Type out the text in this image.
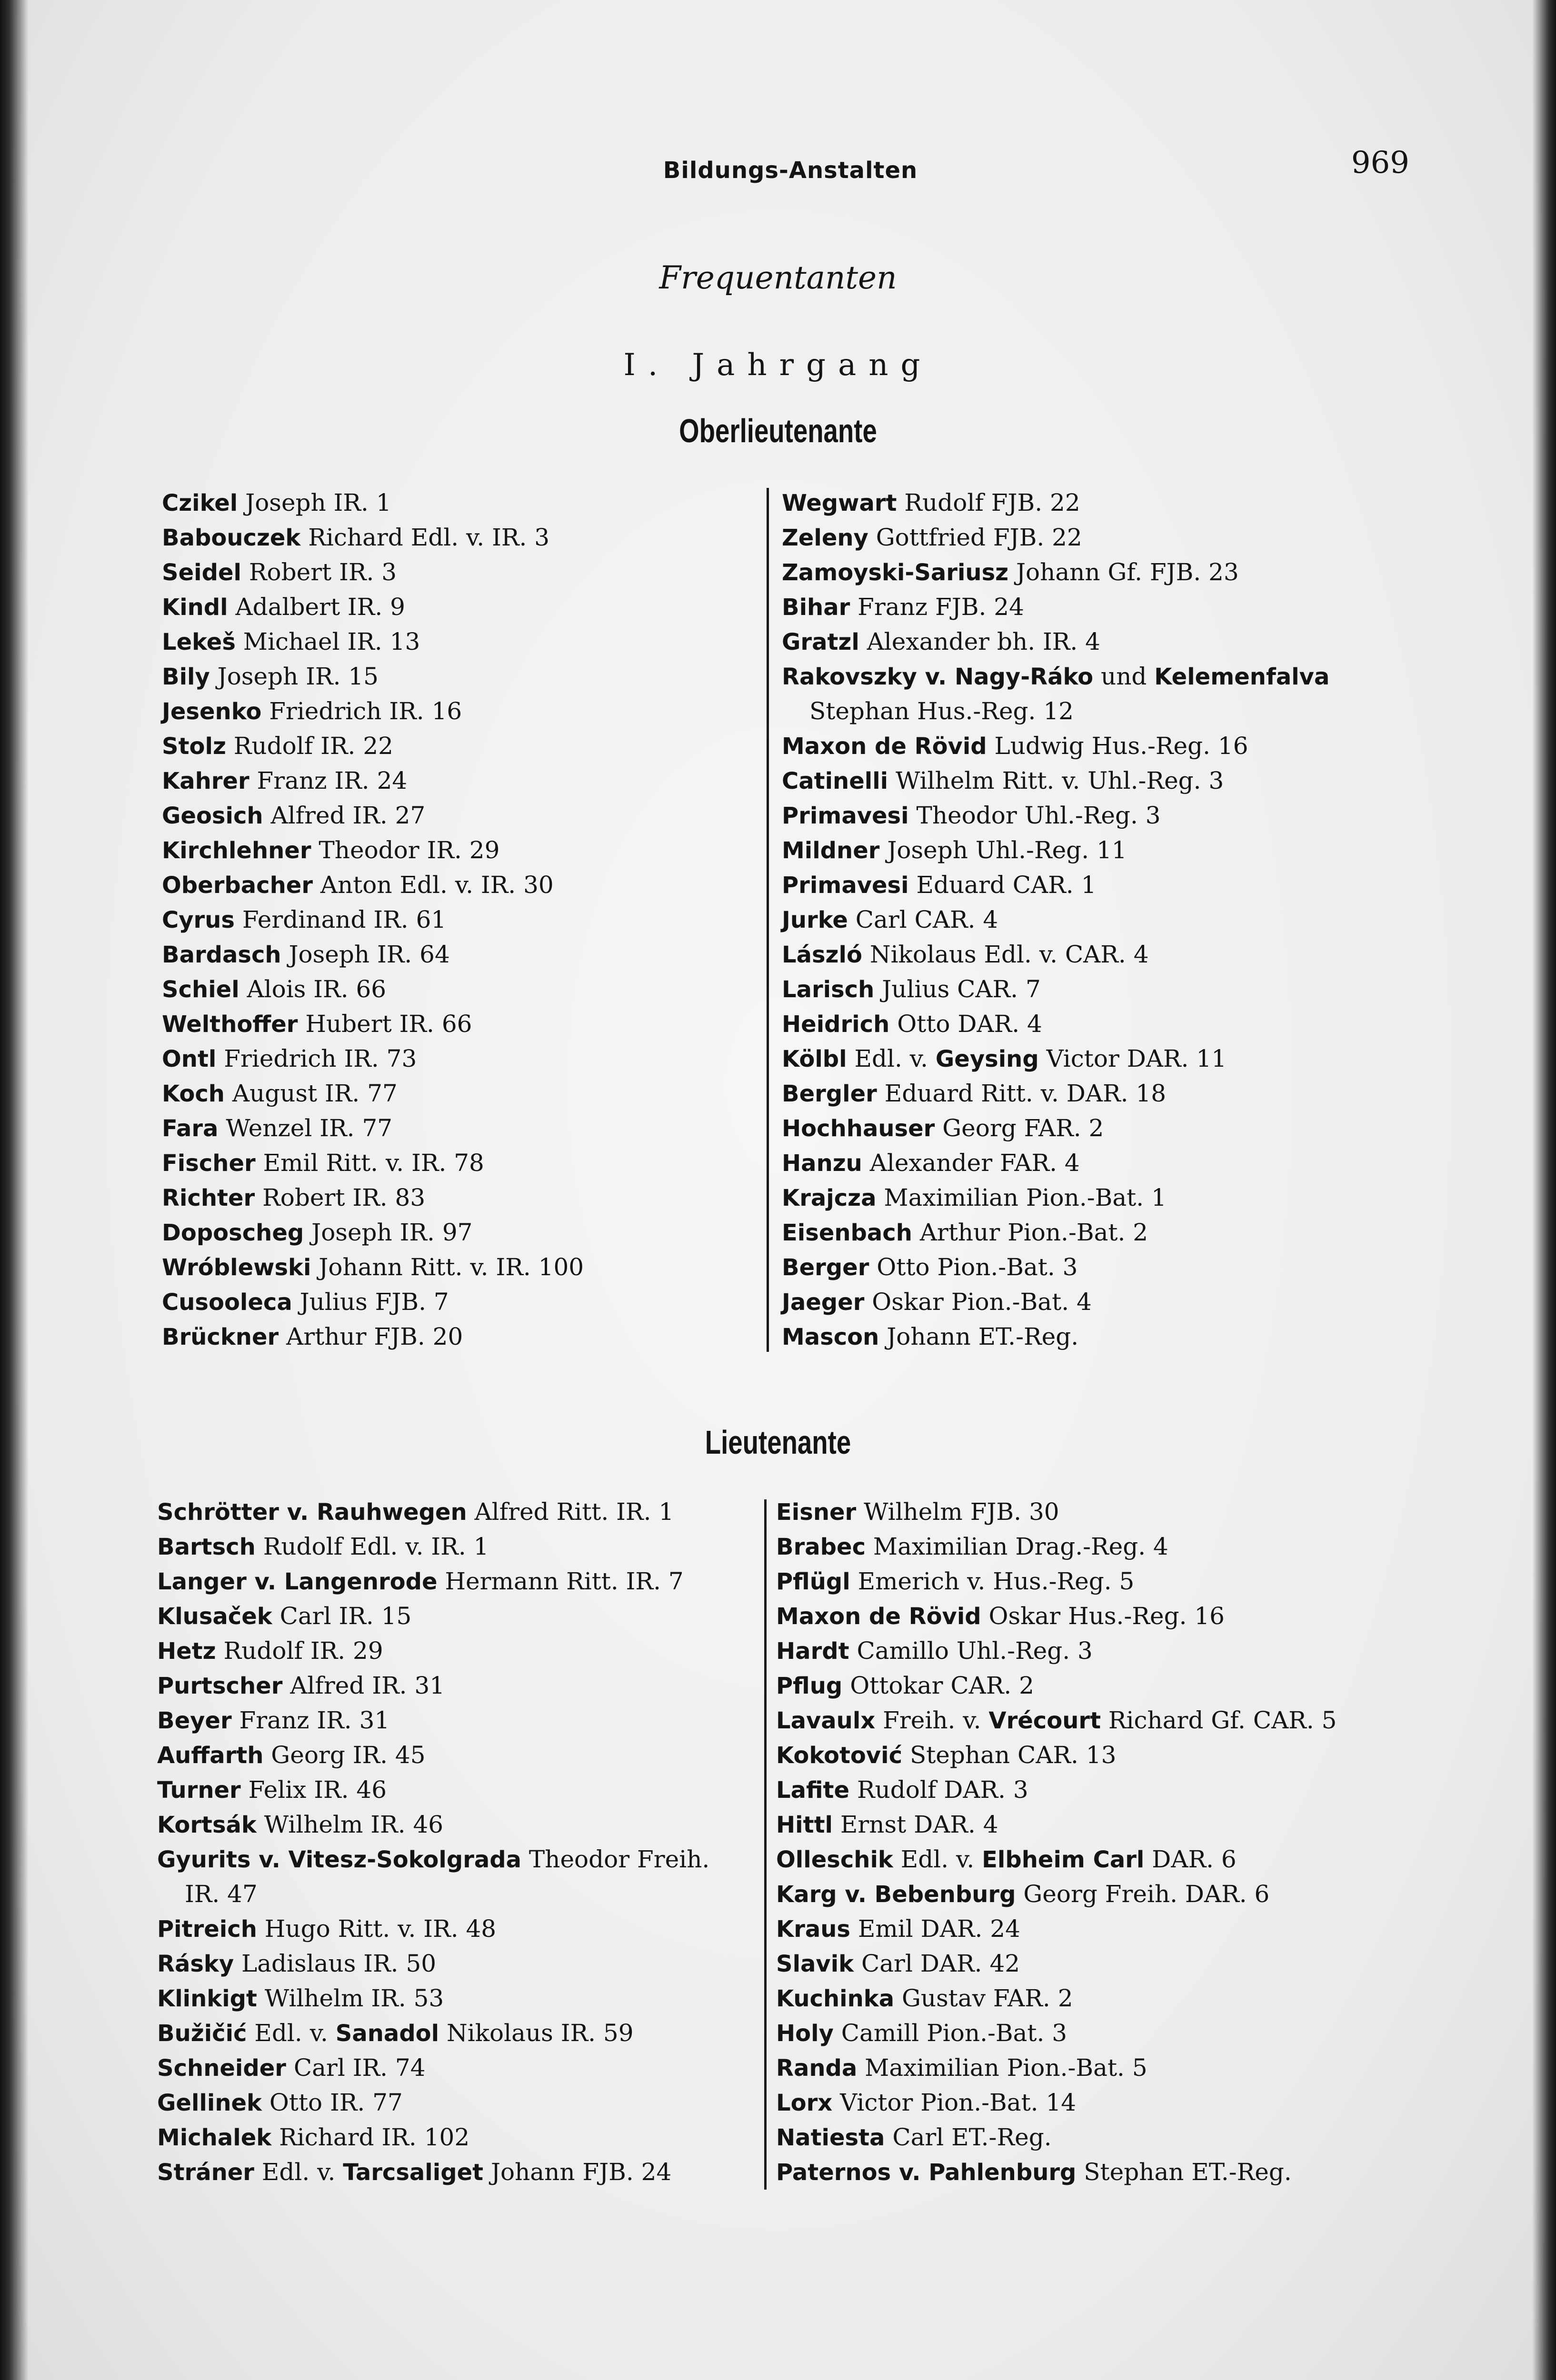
Bildungs-Anstalten	969
Frequentanten
I. Jahrgang
Oberlieutenante
Czikel Joseph IR. 1
Babouczek Richard Edl. v. IR. 3
Seidel Robert IR. 3
Kindl Adalbert IR. 9
Lekeš Michael IR. 13
Bily Joseph IR. 15
Jesenko Friedrich IR. 16
Stolz Rudolf IR. 22
Kahrer Franz IR. 24
Geosich Alfred IR. 27
Kirchlehner Theodor IR. 29
Oberbacher Anton Edl. v. IR. 30
Cyrus Ferdinand IR. 61
Bardasch Joseph IR. 64
Schiel Alois IR. 66
Welthoffer Hubert IR. 66
Ontl Friedrich IR. 73
Koch August IR. 77
Fara Wenzel IR. 77
Fischer Emil Ritt. v. IR. 78
Richter Robert IR. 83
Doposcheg Joseph IR. 97
Wróblewski Johann Ritt. v. IR. 100
Cusoolecа Julius FJB. 7
Brückner Arthur FJB. 20
Wegwart Rudolf FJB. 22
Zeleny Gottfried FJB. 22
Zamoyski-Sariusz Johann Gf. FJB. 23
Bihar Franz FJB. 24
Gratzl Alexander bh. IR. 4
Rakovszky v. Nagy-Ráko und Kelemenfalva
Stephan Hus.-Reg. 12
Maxon de Rövid Ludwig Hus.-Reg. 16
Catinelli Wilhelm Ritt. v. Uhl.-Reg. 3
Primavesi Theodor Uhl.-Reg. 3
Mildner Joseph Uhl.-Reg. 11
Primavesi Eduard CAR. 1
Jurke Carl CAR. 4
László Nikolaus Edl. v. CAR. 4
Larisch Julius CAR. 7
Heidrich Otto DAR. 4
Kölbl Edl. v. Geysing Victor DAR. 11
Bergler Eduard Ritt. v. DAR. 18
Hochhauser Georg FAR. 2
Hanzu Alexander FAR. 4
Krajcza Maximilian Pion.-Bat. 1
Eisenbach Arthur Pion.-Bat. 2
Berger Otto Pion.-Bat. 3
Jaeger Oskar Pion.-Bat. 4
Mascon Johann ET.-Reg.
Lieutenante
Schrötter v. Rauhwegen Alfred Ritt. IR. 1
Bartsch Rudolf Edl. v. IR. 1
Langer v. Langenrode Hermann Ritt. IR. 7
Klusaček Carl IR. 15
Hetz Rudolf IR. 29
Purtscher Alfred IR. 31
Beyer Franz IR. 31
Auffarth Georg IR. 45
Turner Felix IR. 46
Kortsák Wilhelm IR. 46
Gyurits v. Vitesz-Sokolgrada Theodor Freih.
IR. 47
Pitreich Hugo Ritt. v. IR. 48
Rásky Ladislaus IR. 50
Klinkigt Wilhelm IR. 53
Bužičić Edl. v. Sanadol Nikolaus IR. 59
Schneider Carl IR. 74
Gellinek Otto IR. 77
Michalek Richard IR. 102
Stráner Edl. v. Tarcsaliget Johann FJB. 24
Eisner Wilhelm FJB. 30
Brabec Maximilian Drag.-Reg. 4
Pflügl Emerich v. Hus.-Reg. 5
Maxon de Rövid Oskar Hus.-Reg. 16
Hardt Camillo Uhl.-Reg. 3
Pflug Ottokar CAR. 2
Lavaulx Freih. v. Vrécourt Richard Gf. CAR. 5
Kokotović Stephan CAR. 13
Lafite Rudolf DAR. 3
Hittl Ernst DAR. 4
Olleschik Edl. v. Elbheim Carl DAR. 6
Karg v. Bebenburg Georg Freih. DAR. 6
Kraus Emil DAR. 24
Slavik Carl DAR. 42
Kuchinka Gustav FAR. 2
Holy Camill Pion.-Bat. 3
Randa Maximilian Pion.-Bat. 5
Lorx Victor Pion.-Bat. 14
Natiesta Carl ET.-Reg.
Paternos v. Pahlenburg Stephan ET.-Reg.
